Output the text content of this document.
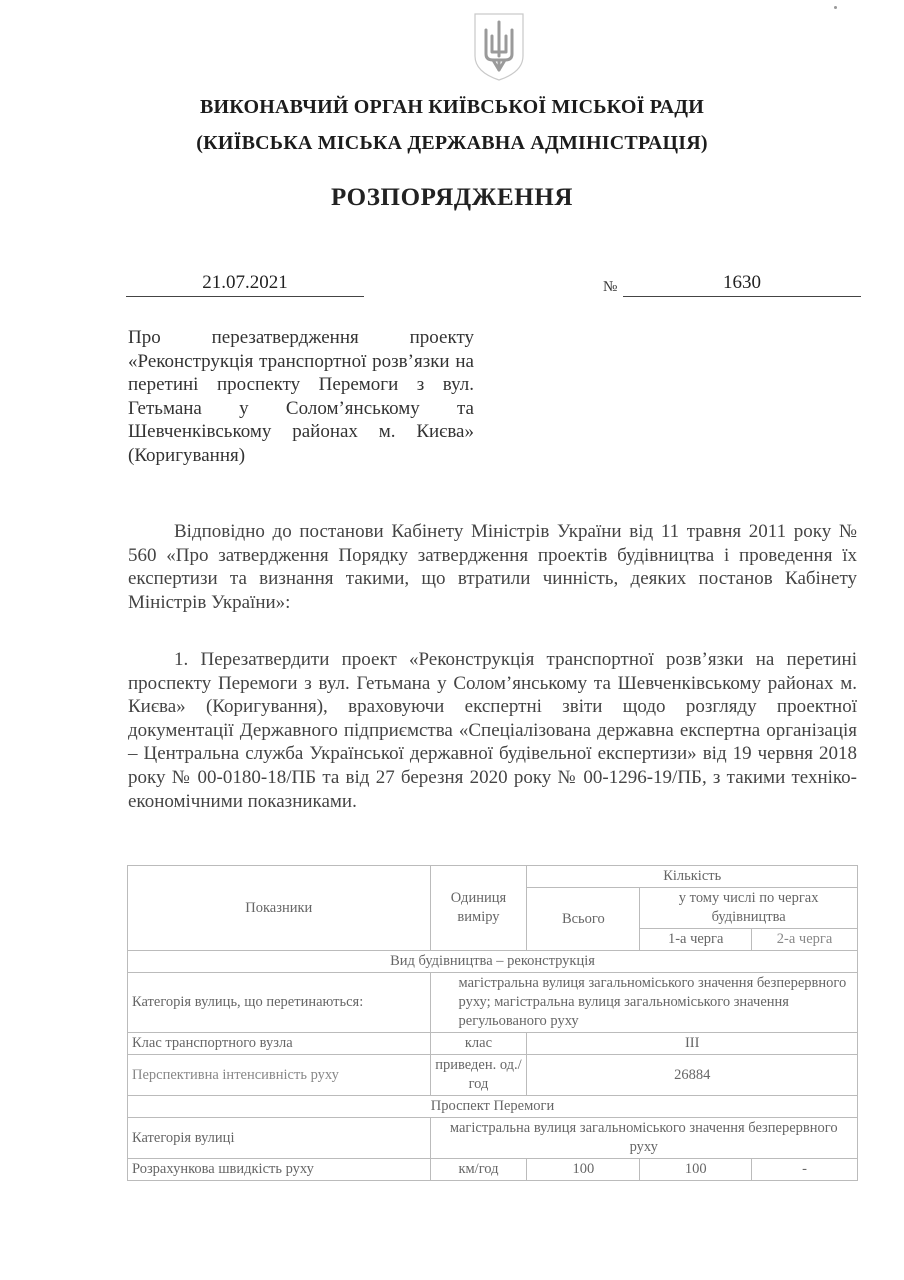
ВИКОНАВЧИЙ ОРГАН КИЇВСЬКОЇ МІСЬКОЇ РАДИ
(КИЇВСЬКА МІСЬКА ДЕРЖАВНА АДМІНІСТРАЦІЯ)
РОЗПОРЯДЖЕННЯ
21.07.2021	№	1630
Про перезатвердження проекту «Реконструкція транспортної розв’язки на перетині проспекту Перемоги з вул. Гетьмана у Солом’янському та Шевченківському районах м. Києва» (Коригування)
Відповідно до постанови Кабінету Міністрів України від 11 травня 2011 року № 560 «Про затвердження Порядку затвердження проектів будівництва і проведення їх експертизи та визнання такими, що втратили чинність, деяких постанов Кабінету Міністрів України»:
1. Перезатвердити проект «Реконструкція транспортної розв’язки на перетині проспекту Перемоги з вул. Гетьмана у Солом’янському та Шевченківському районах м. Києва» (Коригування), враховуючи експертні звіти щодо розгляду проектної документації Державного підприємства «Спеціалізована державна експертна організація – Центральна служба Української державної будівельної експертизи» від 19 червня 2018 року № 00-0180-18/ПБ та від 27 березня 2020 року № 00-1296-19/ПБ, з такими техніко-економічними показниками.
Показники	Одиниця виміру	Кількість		
		Всього	у тому числі по чергах будівництва	
			1-а черга	2-а черга
Вид будівництва – реконструкція				
Категорія вулиць, що перетинаються:	магістральна вулиця загальноміського значення безперервного руху; магістральна вулиця загальноміського значення регульованого руху			
Клас транспортного вузла	клас	III		
Перспективна інтенсивність руху	приведен. од./год	26884		
Проспект Перемоги				
Категорія вулиці	магістральна вулиця загальноміського значення безперервного руху			
Розрахункова швидкість руху	км/год	100	100	-
